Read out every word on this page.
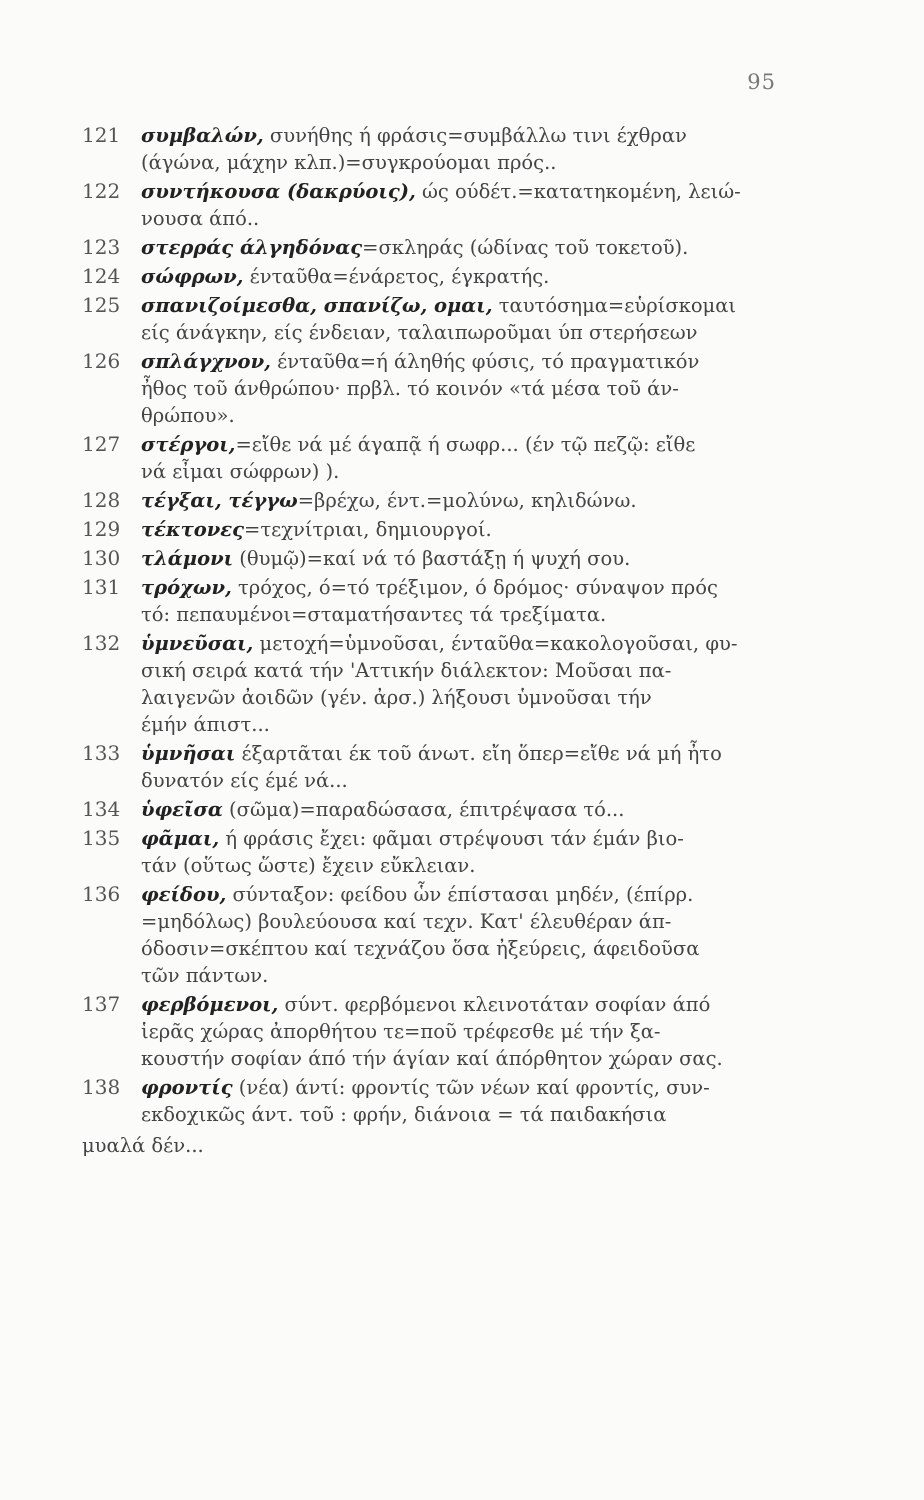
95
121 συμβαλών, συνήθης ή φράσις=συμβάλλω τινι έχθραν
(άγώνα, μάχην κλπ.)=συγκρούομαι πρός..
122 συντήκουσα (δακρύοις), ώς ούδέτ.=κατατηκομένη, λειώ-
νουσα άπό..
123 στερράς άλγηδόνας=σκληράς (ώδίνας τοῦ τοκετοῦ).
124 σώφρων, ένταῦθα=ένάρετος, έγκρατής.
125 σπανιζοίμεσθα, σπανίζω, ομαι, ταυτόσημα=εὑρίσκομαι
είς άνάγκην, είς ένδειαν, ταλαιπωροῦμαι ύπ στερήσεων
126 σπλάγχνον, ένταῦθα=ή άληθής φύσις, τό πραγματικόν
ἦθος τοῦ άνθρώπου· πρβλ. τό κοινόν «τά μέσα τοῦ άν-
θρώπου».
127 στέργοι,=εἴθε νά μέ άγαπᾷ ή σωφρ... (έν τῷ πεζῷ: εἴθε
νά εἶμαι σώφρων) ).
128 τέγξαι, τέγγω=βρέχω, έντ.=μολύνω, κηλιδώνω.
129 τέκτονες=τεχνίτριαι, δημιουργοί.
130 τλάμονι (θυμῷ)=καί νά τό βαστάξῃ ή ψυχή σου.
131 τρόχων, τρόχος, ό=τό τρέξιμον, ό δρόμος· σύναψον πρός
τό: πεπαυμένοι=σταματήσαντες τά τρεξίματα.
132 ὑμνεῦσαι, μετοχή=ὑμνοῦσαι, ένταῦθα=κακολογοῦσαι, φυ-
σική σειρά κατά τήν 'Αττικήν διάλεκτον: Μοῦσαι πα-
λαιγενῶν ἀοιδῶν (γέν. ἀρσ.) λήξουσι ὑμνοῦσαι τήν
έμήν άπιστ...
133 ὑμνῆσαι έξαρτᾶται έκ τοῦ άνωτ. εἴη ὅπερ=εἴθε νά μή ἦτο
δυνατόν είς έμέ νά...
134 ὑφεῖσα (σῶμα)=παραδώσασα, έπιτρέψασα τό...
135 φᾶμαι, ή φράσις ἔχει: φᾶμαι στρέψουσι τάν έμάν βιο-
τάν (οὕτως ὥστε) ἔχειν εὔκλειαν.
136 φείδου, σύνταξον: φείδου ὧν έπίστασαι μηδέν, (έπίρρ.
=μηδόλως) βουλεύουσα καί τεχν. Κατ' έλευθέραν άπ-
όδοσιν=σκέπτου καί τεχνάζου ὅσα ἠξεύρεις, άφειδοῦσα
τῶν πάντων.
137 φερβόμενοι, σύντ. φερβόμενοι κλεινοτάταν σοφίαν άπό
ἱερᾶς χώρας ἀπορθήτου τε=ποῦ τρέφεσθε μέ τήν ξα-
κουστήν σοφίαν άπό τήν άγίαν καί άπόρθητον χώραν σας.
138 φροντίς (νέα) άντί: φροντίς τῶν νέων καί φροντίς, συν-
εκδοχικῶς άντ. τοῦ : φρήν, διάνοια = τά παιδακήσια
μυαλά δέν...
